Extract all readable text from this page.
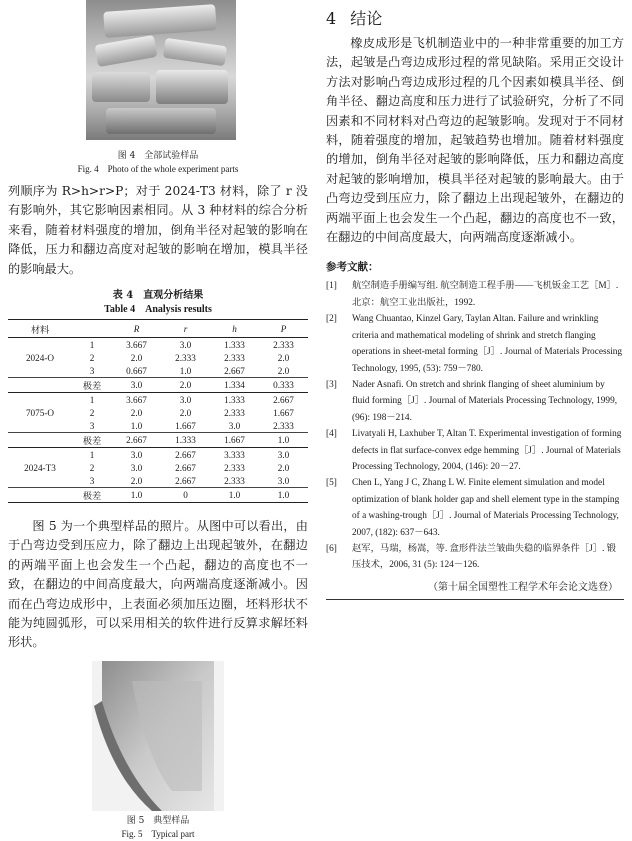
图 4　全部试验样品
Fig. 4　Photo of the whole experiment parts

列顺序为 R>h>r>P；对于 2024-T3 材料，除了 r 没有影响外，其它影响因素相同。从 3 种材料的综合分析来看，随着材料强度的增加，倒角半径对起皱的影响在降低，压力和翻边高度对起皱的影响在增加，模具半径的影响最大。

表 4　直观分析结果
Table 4　Analysis results
材料		R	r	h	P
2024-O	1	3.667	3.0	1.333	2.333
	2	2.0	2.333	2.333	2.0
	3	0.667	1.0	2.667	2.0
	极差	3.0	2.0	1.334	0.333
7075-O	1	3.667	3.0	1.333	2.667
	2	2.0	2.0	2.333	1.667
	3	1.0	1.667	3.0	2.333
	极差	2.667	1.333	1.667	1.0
2024-T3	1	3.0	2.667	3.333	3.0
	2	3.0	2.667	2.333	2.0
	3	2.0	2.667	2.333	3.0
	极差	1.0	0	1.0	1.0

图 5 为一个典型样品的照片。从图中可以看出，由于凸弯边受到压应力，除了翻边上出现起皱外，在翻边的两端平面上也会发生一个凸起，翻边的高度也不一致，在翻边的中间高度最大，向两端高度逐渐减小。因而在凸弯边成形中，上表面必须加压边圈，坯料形状不能为纯圆弧形，可以采用相关的软件进行反算求解坯料形状。

图 5　典型样品
Fig. 5　Typical part
4 结论

橡皮成形是飞机制造业中的一种非常重要的加工方法，起皱是凸弯边成形过程的常见缺陷。采用正交设计方法对影响凸弯边成形过程的几个因素如模具半径、倒角半径、翻边高度和压力进行了试验研究，分析了不同因素和不同材料对凸弯边的起皱影响。发现对于不同材料，随着强度的增加，起皱趋势也增加。随着材料强度的增加，倒角半径对起皱的影响降低，压力和翻边高度对起皱的影响增加，模具半径对起皱的影响最大。由于凸弯边受到压应力，除了翻边上出现起皱外，在翻边的两端平面上也会发生一个凸起，翻边的高度也不一致，在翻边的中间高度最大，向两端高度逐渐减小。

参考文献：
[1]	航空制造手册编写组. 航空制造工程手册——飞机钣金工艺［M］. 北京：航空工业出版社，1992.
[2]	Wang Chuantao, Kinzel Gary, Taylan Altan. Failure and wrinkling criteria and mathematical modeling of shrink and stretch flanging operations in sheet-metal forming［J］. Journal of Materials Processing Technology, 1995, (53): 759－780.
[3]	Nader Asnafi. On stretch and shrink flanging of sheet aluminium by fluid forming［J］. Journal of Materials Processing Technology, 1999, (96): 198－214.
[4]	Livatyali H, Laxhuber T, Altan T. Experimental investigation of forming defects in flat surface-convex edge hemming［J］. Journal of Materials Processing Technology, 2004, (146): 20－27.
[5]	Chen L, Yang J C, Zhang L W. Finite element simulation and model optimization of blank holder gap and shell element type in the stamping of a washing-trough［J］. Journal of Materials Processing Technology, 2007, (182): 637－643.
[6]	赵军，马瑞，杨嵩，等. 盒形件法兰皱曲失稳的临界条件［J］. 锻压技术，2006, 31 (5): 124－126.
（第十届全国塑性工程学术年会论文选登）
